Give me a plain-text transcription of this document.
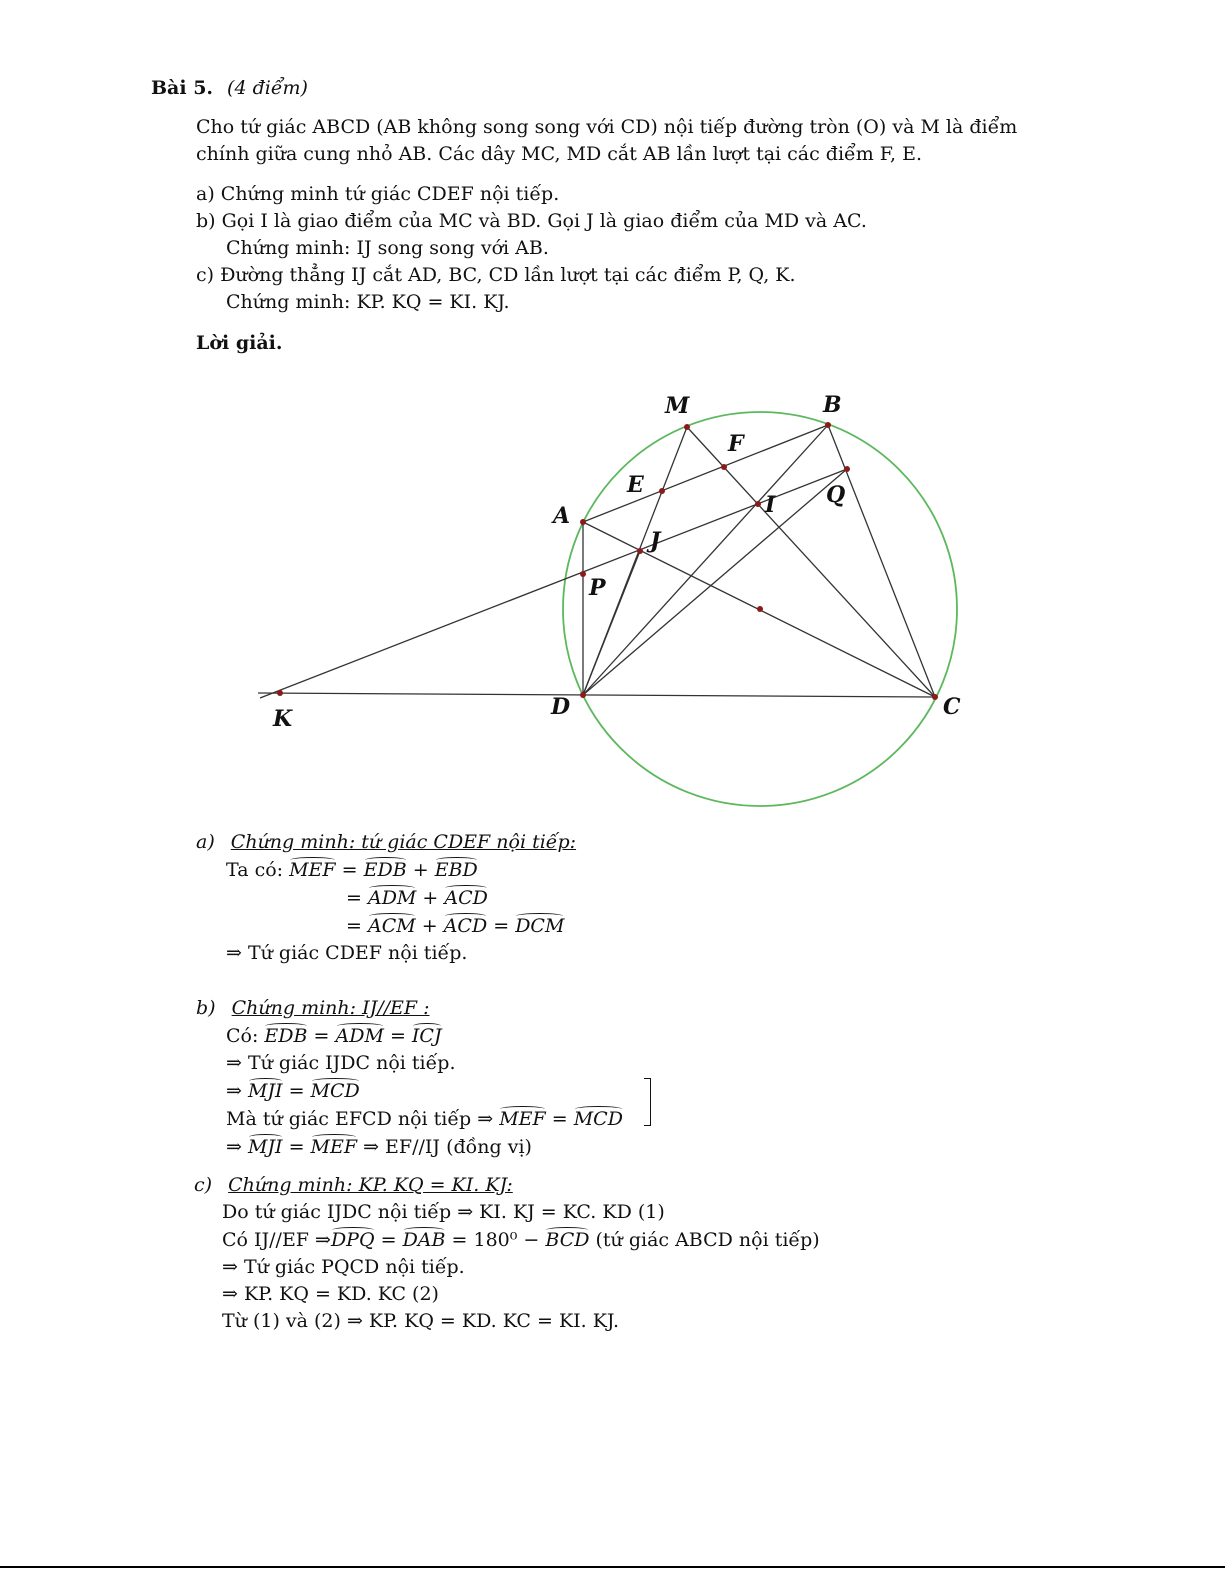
Bài 5. (4 điểm)
Cho tứ giác ABCD (AB không song song với CD) nội tiếp đường tròn (O) và M là điểm
chính giữa cung nhỏ AB. Các dây MC, MD cắt AB lần lượt tại các điểm F, E.
a) Chứng minh tứ giác CDEF nội tiếp.
b) Gọi I là giao điểm của MC và BD. Gọi J là giao điểm của MD và AC.
Chứng minh: IJ song song với AB.
c) Đường thẳng IJ cắt AD, BC, CD lần lượt tại các điểm P, Q, K.
Chứng minh: KP. KQ = KI. KJ.
Lời giải.
M	B
F
E
A
Q
I
J
P
K	D	C
a) Chứng minh: tứ giác CDEF nội tiếp:
Ta có: MEF = EDB + EBD
= ADM + ACD
= ACM + ACD = DCM
⇒ Tứ giác CDEF nội tiếp.
b) Chứng minh: IJ//EF :
Có: EDB = ADM = ICJ
⇒ Tứ giác IJDC nội tiếp.
⇒ MJI = MCD
Mà tứ giác EFCD nội tiếp ⇒ MEF = MCD
⇒ MJI = MEF ⇒ EF//IJ (đồng vị)
c) Chứng minh: KP. KQ = KI. KJ:
Do tứ giác IJDC nội tiếp ⇒ KI. KJ = KC. KD (1)
Có IJ//EF ⇒DPQ = DAB = 180⁰ − BCD (tứ giác ABCD nội tiếp)
⇒ Tứ giác PQCD nội tiếp.
⇒ KP. KQ = KD. KC (2)
Từ (1) và (2) ⇒ KP. KQ = KD. KC = KI. KJ.
